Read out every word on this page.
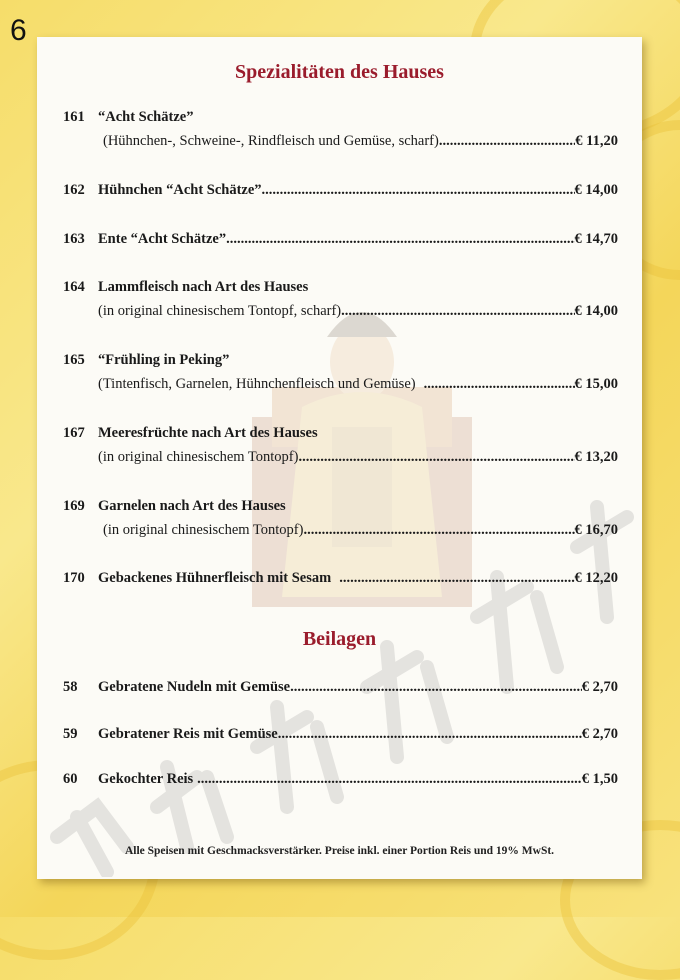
6
Spezialitäten des Hauses
161 “Acht Schätze”
(Hühnchen-, Schweine-, Rindfleisch und Gemüse, scharf) .....	€ 11,20
162 Hühnchen “Acht Schätze” .....	€ 14,00
163 Ente “Acht Schätze” .....	€ 14,70
164 Lammfleisch nach Art des Hauses
(in original chinesischem Tontopf, scharf) .....	€ 14,00
165 “Frühling in Peking”
(Tintenfisch, Garnelen, Hühnchenfleisch und Gemüse) .....	€ 15,00
167 Meeresfrüchte nach Art des Hauses
(in original chinesischem Tontopf) .....	€ 13,20
169 Garnelen nach Art des Hauses
(in original chinesischem Tontopf) .....	€ 16,70
170 Gebackenes Hühnerfleisch mit Sesam .....	€ 12,20
Beilagen
58	Gebratene Nudeln mit Gemüse .....	€ 2,70
59	Gebratener Reis mit Gemüse .....	€ 2,70
60	Gekochter Reis .....	€ 1,50
Alle Speisen mit Geschmacksverstärker. Preise inkl. einer Portion Reis und 19% MwSt.
